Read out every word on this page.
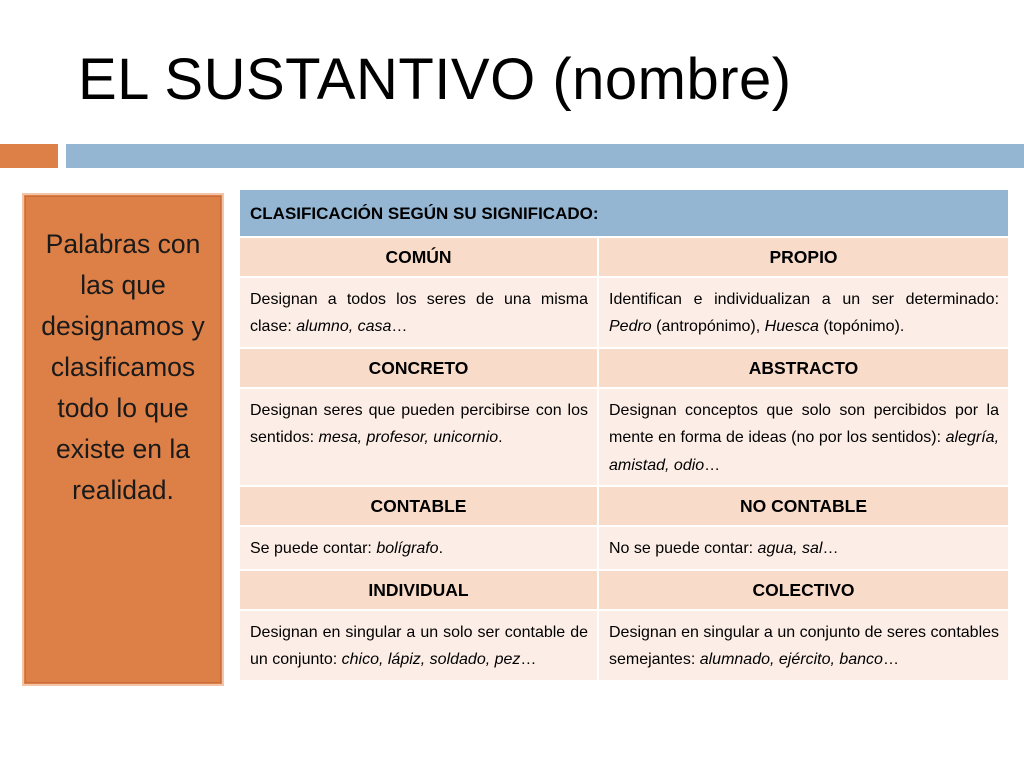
EL SUSTANTIVO (nombre)

Palabras con las que designamos y clasificamos todo lo que existe en la realidad.

CLASIFICACIÓN SEGÚN SU SIGNIFICADO:	
COMÚN	PROPIO
Designan a todos los seres de una misma clase: alumno, casa…	Identifican e individualizan a un ser determinado: Pedro (antropónimo), Huesca (topónimo).
CONCRETO	ABSTRACTO
Designan seres que pueden percibirse con los sentidos: mesa, profesor, unicornio.	Designan conceptos que solo son percibidos por la mente en forma de ideas (no por los sentidos): alegría, amistad, odio…
CONTABLE	NO CONTABLE
Se puede contar: bolígrafo.	No se puede contar: agua, sal…
INDIVIDUAL	COLECTIVO
Designan en singular a un solo ser contable de un conjunto: chico, lápiz, soldado, pez…	Designan en singular a un conjunto de seres contables semejantes: alumnado, ejército, banco…
